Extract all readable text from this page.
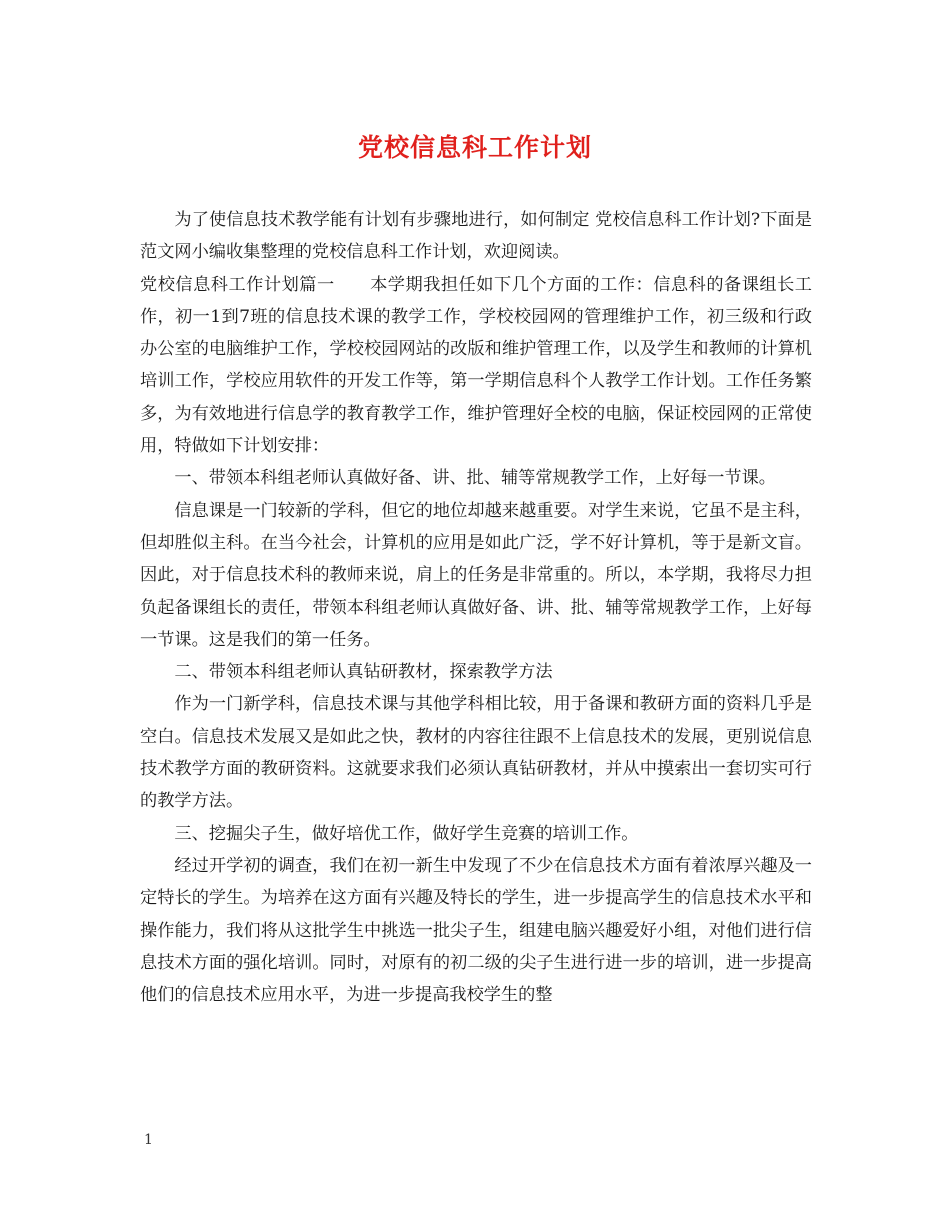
党校信息科工作计划

为了使信息技术教学能有计划有步骤地进行，如何制定 党校信息科工作计划?下面是范文网小编收集整理的党校信息科工作计划，欢迎阅读。

党校信息科工作计划篇一　　本学期我担任如下几个方面的工作：信息科的备课组长工作，初一1到7班的信息技术课的教学工作，学校校园网的管理维护工作，初三级和行政办公室的电脑维护工作，学校校园网站的改版和维护管理工作，以及学生和教师的计算机培训工作，学校应用软件的开发工作等，第一学期信息科个人教学工作计划。工作任务繁多，为有效地进行信息学的教育教学工作，维护管理好全校的电脑，保证校园网的正常使用，特做如下计划安排：

一、带领本科组老师认真做好备、讲、批、辅等常规教学工作，上好每一节课。

信息课是一门较新的学科，但它的地位却越来越重要。对学生来说，它虽不是主科，但却胜似主科。在当今社会，计算机的应用是如此广泛，学不好计算机，等于是新文盲。因此，对于信息技术科的教师来说，肩上的任务是非常重的。所以，本学期，我将尽力担负起备课组长的责任，带领本科组老师认真做好备、讲、批、辅等常规教学工作，上好每一节课。这是我们的第一任务。

二、带领本科组老师认真钻研教材，探索教学方法

作为一门新学科，信息技术课与其他学科相比较，用于备课和教研方面的资料几乎是空白。信息技术发展又是如此之快，教材的内容往往跟不上信息技术的发展，更别说信息技术教学方面的教研资料。这就要求我们必须认真钻研教材，并从中摸索出一套切实可行的教学方法。

三、挖掘尖子生，做好培优工作，做好学生竞赛的培训工作。

经过开学初的调查，我们在初一新生中发现了不少在信息技术方面有着浓厚兴趣及一定特长的学生。为培养在这方面有兴趣及特长的学生，进一步提高学生的信息技术水平和操作能力，我们将从这批学生中挑选一批尖子生，组建电脑兴趣爱好小组，对他们进行信息技术方面的强化培训。同时，对原有的初二级的尖子生进行进一步的培训，进一步提高他们的信息技术应用水平，为进一步提高我校学生的整

1
